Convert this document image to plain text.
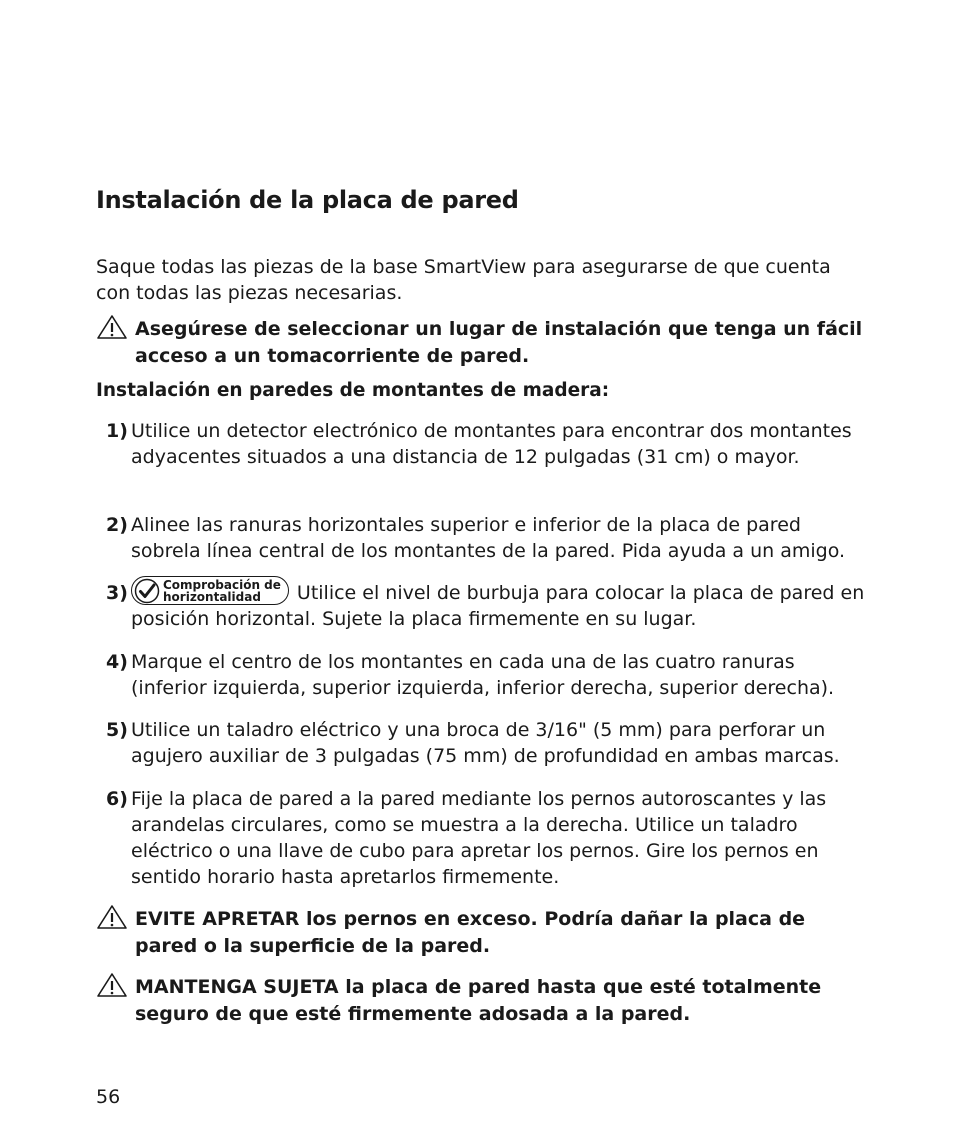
Instalación de la placa de pared

Saque todas las piezas de la base SmartView para asegurarse de que cuenta con todas las piezas necesarias.

Asegúrese de seleccionar un lugar de instalación que tenga un fácil acceso a un tomacorriente de pared.

Instalación en paredes de montantes de madera:

1) Utilice un detector electrónico de montantes para encontrar dos montantes adyacentes situados a una distancia de 12 pulgadas (31 cm) o mayor.
2) Alinee las ranuras horizontales superior e inferior de la placa de pared sobrela línea central de los montantes de la pared. Pida ayuda a un amigo.
3)	Comprobación de
horizontalidad	Utilice el nivel de burbuja para colocar la placa de pared en posición horizontal. Sujete la placa firmemente en su lugar.
4) Marque el centro de los montantes en cada una de las cuatro ranuras (inferior izquierda, superior izquierda, inferior derecha, superior derecha).
5) Utilice un taladro eléctrico y una broca de 3/16" (5 mm) para perforar un agujero auxiliar de 3 pulgadas (75 mm) de profundidad en ambas marcas.
6) Fije la placa de pared a la pared mediante los pernos autoroscantes y las arandelas circulares, como se muestra a la derecha. Utilice un taladro eléctrico o una llave de cubo para apretar los pernos. Gire los pernos en sentido horario hasta apretarlos firmemente.
EVITE APRETAR los pernos en exceso. Podría dañar la placa de pared o la superficie de la pared.
MANTENGA SUJETA la placa de pared hasta que esté totalmente seguro de que esté firmemente adosada a la pared.
56
